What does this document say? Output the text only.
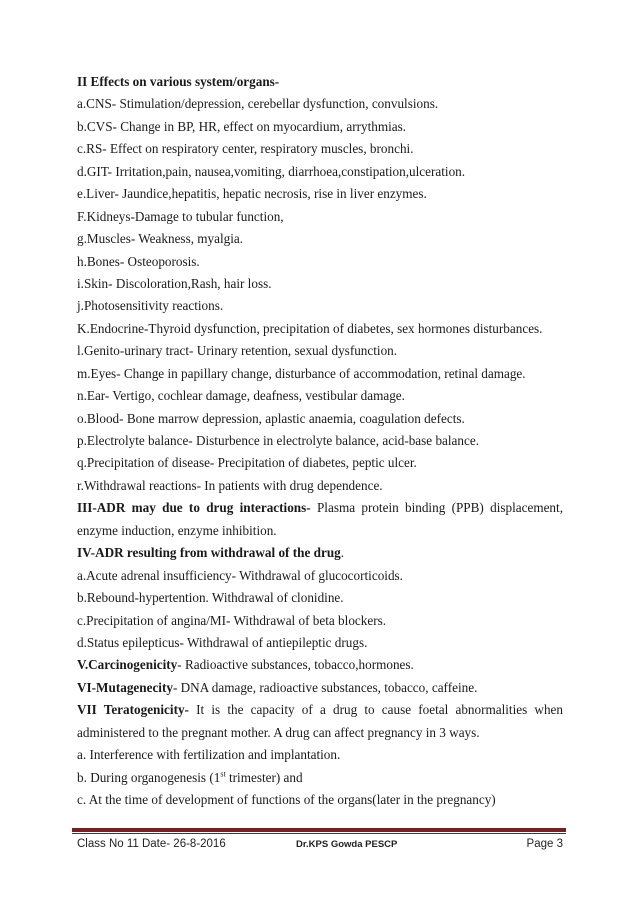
II Effects on various system/organs-
a.CNS- Stimulation/depression, cerebellar dysfunction, convulsions.
b.CVS- Change in BP, HR, effect on myocardium, arrythmias.
c.RS- Effect on respiratory center, respiratory muscles, bronchi.
d.GIT- Irritation,pain, nausea,vomiting, diarrhoea,constipation,ulceration.
e.Liver- Jaundice,hepatitis, hepatic necrosis, rise in liver enzymes.
F.Kidneys-Damage to tubular function,
g.Muscles- Weakness, myalgia.
h.Bones- Osteoporosis.
i.Skin- Discoloration,Rash, hair loss.
j.Photosensitivity reactions.
K.Endocrine-Thyroid dysfunction, precipitation of diabetes, sex hormones disturbances.
l.Genito-urinary tract- Urinary retention, sexual dysfunction.
m.Eyes- Change in papillary change, disturbance of accommodation, retinal damage.
n.Ear- Vertigo, cochlear damage, deafness, vestibular damage.
o.Blood- Bone marrow depression, aplastic anaemia, coagulation defects.
p.Electrolyte balance- Disturbence in electrolyte balance, acid-base balance.
q.Precipitation of disease- Precipitation of diabetes, peptic ulcer.
r.Withdrawal reactions- In patients with drug dependence.
III-ADR may due to drug interactions- Plasma protein binding (PPB) displacement,
enzyme induction, enzyme inhibition.
IV-ADR resulting from withdrawal of the drug.
a.Acute adrenal insufficiency- Withdrawal of glucocorticoids.
b.Rebound-hypertention. Withdrawal of clonidine.
c.Precipitation of angina/MI- Withdrawal of beta blockers.
d.Status epilepticus- Withdrawal of antiepileptic drugs.
V.Carcinogenicity- Radioactive substances, tobacco,hormones.
VI-Mutagenecity- DNA damage, radioactive substances, tobacco, caffeine.
VII Teratogenicity- It is the capacity of a drug to cause foetal abnormalities when
administered to the pregnant mother. A drug can affect pregnancy in 3 ways.
a. Interference with fertilization and implantation.
b. During organogenesis (1st trimester) and
c. At the time of development of functions of the organs(later in the pregnancy)
Class No 11 Date- 26-8-2016	Dr.KPS Gowda PESCP	Page 3
